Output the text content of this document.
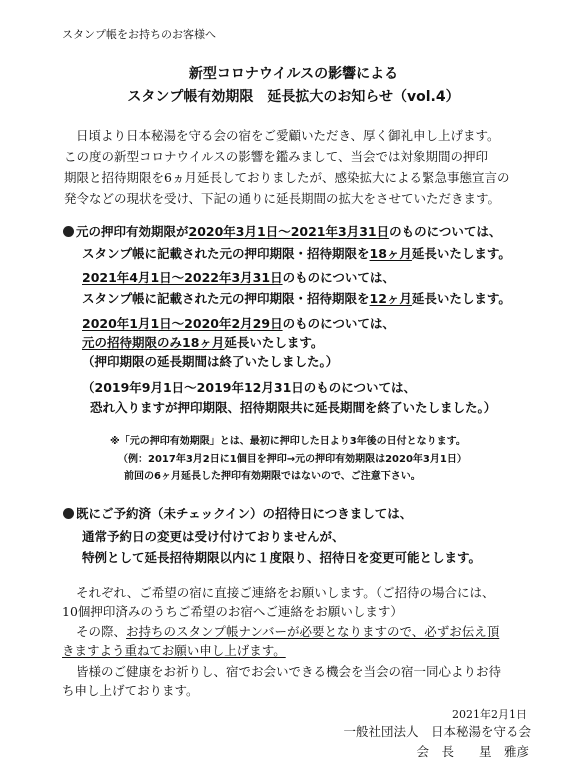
スタンプ帳をお持ちのお客様へ
新型コロナウイルスの影響による
スタンプ帳有効期限　延長拡大のお知らせ（vol.4）
日頃より日本秘湯を守る会の宿をご愛顧いただき、厚く御礼申し上げます。
この度の新型コロナウイルスの影響を鑑みまして、当会では対象期間の押印
期限と招待期限を6ヵ月延長しておりましたが、感染拡大による緊急事態宣言の
発令などの現状を受け、下記の通りに延長期間の拡大をさせていただきます。
元の押印有効期限が2020年3月1日～2021年3月31日のものについては、
スタンプ帳に記載された元の押印期限・招待期限を18ヶ月延長いたします。
2021年4月1日～2022年3月31日のものについては、
スタンプ帳に記載された元の押印期限・招待期限を12ヶ月延長いたします。
2020年1月1日～2020年2月29日のものについては、
元の招待期限のみ18ヶ月延長いたします。
（押印期限の延長期間は終了いたしました。）
（2019年9月1日～2019年12月31日のものについては、
恐れ入りますが押印期限、招待期限共に延長期間を終了いたしました。）
※「元の押印有効期限」とは、最初に押印した日より3年後の日付となります。
（例：2017年3月2日に1個目を押印→元の押印有効期限は2020年3月1日）
前回の6ヶ月延長した押印有効期限ではないので、ご注意下さい。
既にご予約済（未チェックイン）の招待日につきましては、
通常予約日の変更は受け付けておりませんが、
特例として延長招待期限以内に１度限り、招待日を変更可能とします。
それぞれ、ご希望の宿に直接ご連絡をお願いします。（ご招待の場合には、
10個押印済みのうちご希望のお宿へご連絡をお願いします）
その際、お持ちのスタンプ帳ナンバーが必要となりますので、必ずお伝え頂
きますよう重ねてお願い申し上げます。
皆様のご健康をお祈りし、宿でお会いできる機会を当会の宿一同心よりお待
ち申し上げております。
2021年2月1日
一般社団法人　日本秘湯を守る会
会　長　　星　雅彦
